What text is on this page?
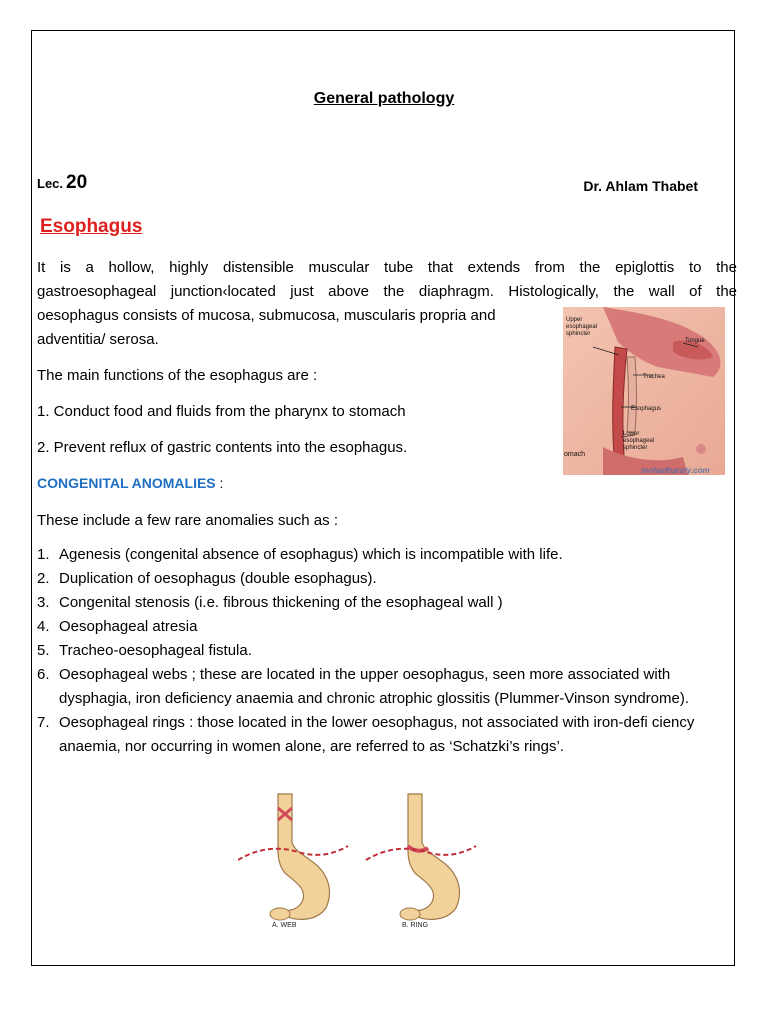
General pathology
Lec. 20	Dr. Ahlam Thabet
Esophagus
It is a hollow, highly distensible muscular tube that extends from the epiglottis to the
gastroesophageal junction‹located just above the diaphragm. Histologically, the wall of the
oesophagus consists of mucosa, submucosa, muscularis propria and
adventitia/ serosa.
The main functions of the esophagus are :
1. Conduct food and fluids from the pharynx to stomach
2. Prevent reflux of gastric contents into the esophagus.
CONGENITAL ANOMALIES :
These include a few rare anomalies such as :
1. Agenesis (congenital absence of esophagus) which is incompatible with life.
2. Duplication of oesophagus (double esophagus).
3. Congenital stenosis (i.e. fibrous thickening of the esophageal wall )
4. Oesophageal atresia
5. Tracheo-oesophageal fistula.
6. Oesophageal webs ; these are located in the upper oesophagus, seen more associated with dysphagia, iron deficiency anaemia and chronic atrophic glossitis (Plummer-Vinson syndrome).
7. Oesophageal rings : those located in the lower oesophagus, not associated with iron-defi ciency anaemia, nor occurring in women alone, are referred to as ‘Schatzki’s rings’.
Upper
esophageal
sphincter
Tongue
Trachea
Esophagus
Lower
esophageal
sphincter
omach
mohadharaty.com
A. WEB	B. RING
